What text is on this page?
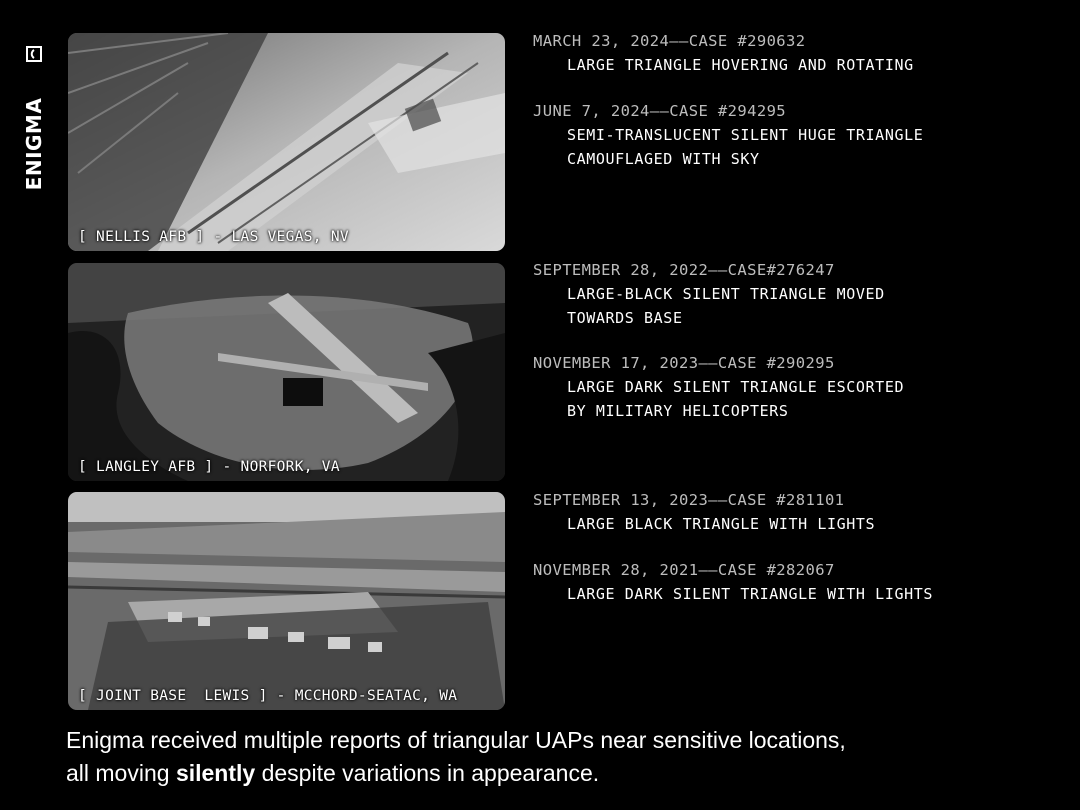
ENIGMA
[ NELLIS AFB ] - LAS VEGAS, NV
[ LANGLEY AFB ] - NORFORK, VA
[ JOINT BASE  LEWIS ] - MCCHORD-SEATAC, WA
MARCH 23, 2024——CASE #290632
LARGE TRIANGLE HOVERING AND ROTATING
JUNE 7, 2024——CASE #294295
SEMI-TRANSLUCENT SILENT HUGE TRIANGLE
CAMOUFLAGED WITH SKY
SEPTEMBER 28, 2022——CASE#276247
LARGE-BLACK SILENT TRIANGLE MOVED
TOWARDS BASE
NOVEMBER 17, 2023——CASE #290295
LARGE DARK SILENT TRIANGLE ESCORTED
BY MILITARY HELICOPTERS
SEPTEMBER 13, 2023——CASE #281101
LARGE BLACK TRIANGLE WITH LIGHTS
NOVEMBER 28, 2021——CASE #282067
LARGE DARK SILENT TRIANGLE WITH LIGHTS
Enigma received multiple reports of triangular UAPs near sensitive locations,
all moving silently despite variations in appearance.
